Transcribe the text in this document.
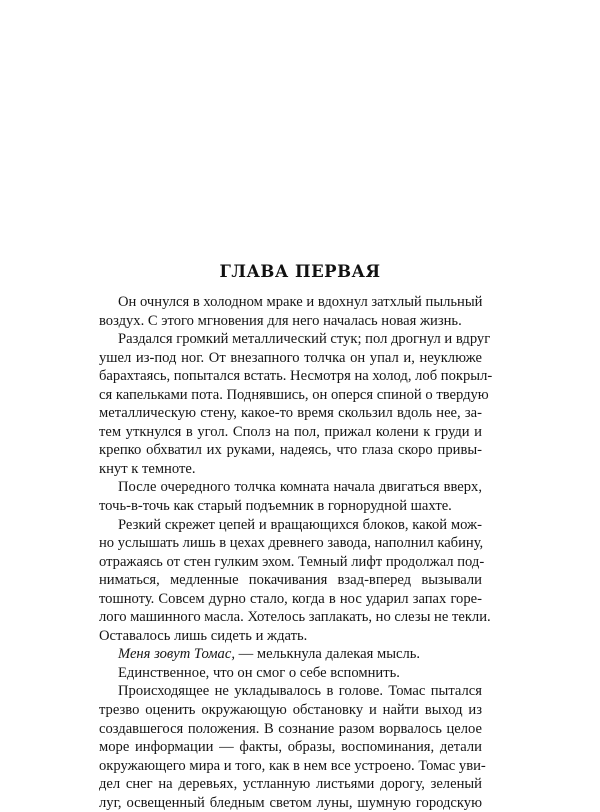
ГЛАВА ПЕРВАЯ
Он очнулся в холодном мраке и вдохнул затхлый пыльный
воздух. С этого мгновения для него началась новая жизнь.
Раздался громкий металлический стук; пол дрогнул и вдруг
ушел из-под ног. От внезапного толчка он упал и, неуклюже
барахтаясь, попытался встать. Несмотря на холод, лоб покрыл-
ся капельками пота. Поднявшись, он оперся спиной о твердую
металлическую стену, какое-то время скользил вдоль нее, за-
тем уткнулся в угол. Сполз на пол, прижал колени к груди и
крепко обхватил их руками, надеясь, что глаза скоро привы-
кнут к темноте.
После очередного толчка комната начала двигаться вверх,
точь-в-точь как старый подъемник в горнорудной шахте.
Резкий скрежет цепей и вращающихся блоков, какой мож-
но услышать лишь в цехах древнего завода, наполнил кабину,
отражаясь от стен гулким эхом. Темный лифт продолжал под-
ниматься, медленные покачивания взад-вперед вызывали
тошноту. Совсем дурно стало, когда в нос ударил запах горе-
лого машинного масла. Хотелось заплакать, но слезы не текли.
Оставалось лишь сидеть и ждать.
Меня зовут Томас, — мелькнула далекая мысль.
Единственное, что он смог о себе вспомнить.
Происходящее не укладывалось в голове. Томас пытался
трезво оценить окружающую обстановку и найти выход из
создавшегося положения. В сознание разом ворвалось целое
море информации — факты, образы, воспоминания, детали
окружающего мира и того, как в нем все устроено. Томас уви-
дел снег на деревьях, устланную листьями дорогу, зеленый
луг, освещенный бледным светом луны, шумную городскую
